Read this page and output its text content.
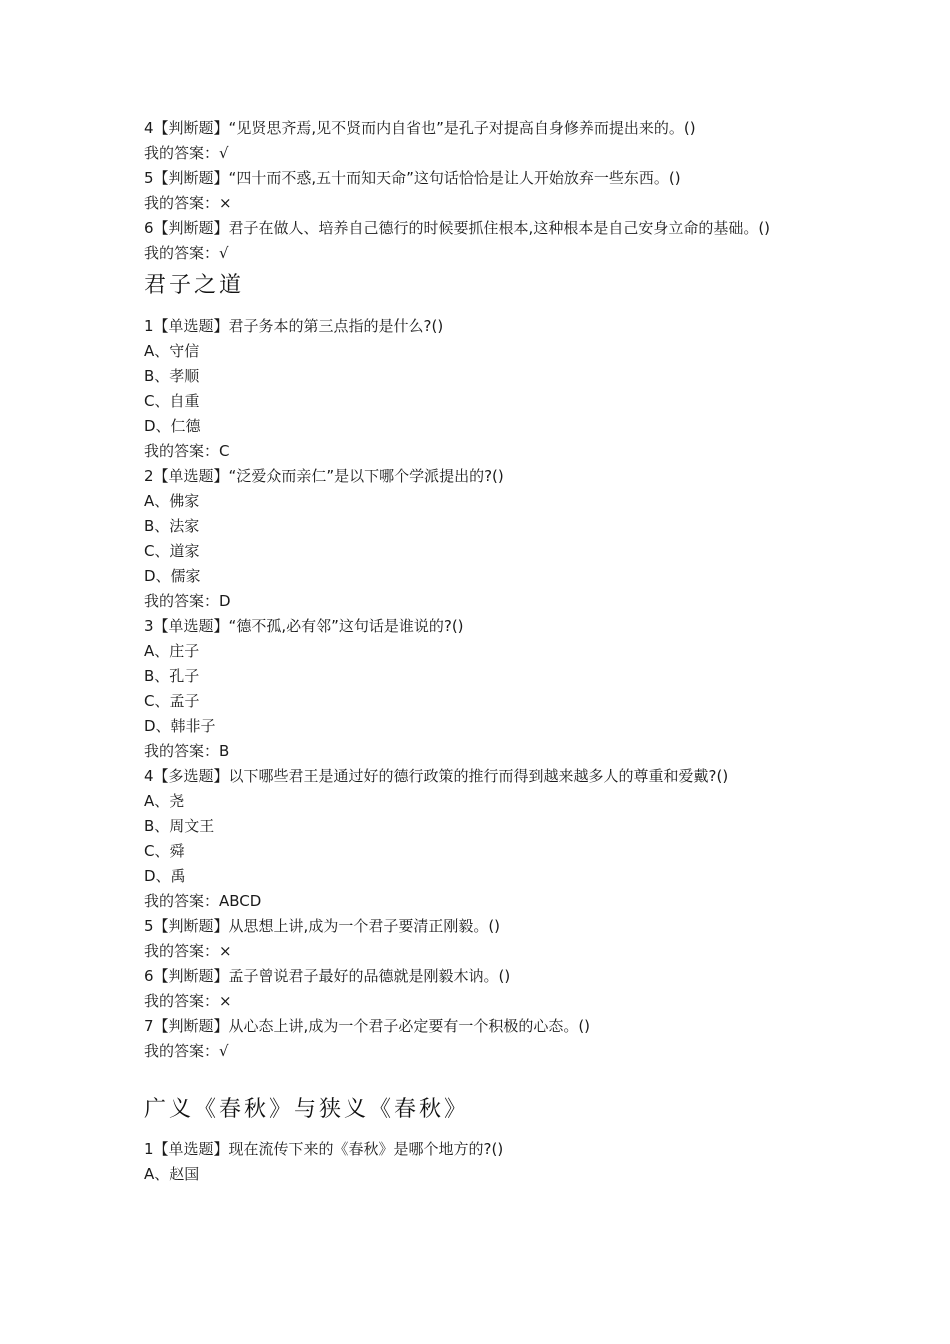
4【判断题】“见贤思齐焉,见不贤而内自省也”是孔子对提高自身修养而提出来的。()
我的答案：√
5【判断题】“四十而不惑,五十而知天命”这句话恰恰是让人开始放弃一些东西。()
我的答案：×
6【判断题】君子在做人、培养自己德行的时候要抓住根本,这种根本是自己安身立命的基础。()
我的答案：√
君子之道
1【单选题】君子务本的第三点指的是什么?()
A、守信
B、孝顺
C、自重
D、仁德
我的答案：C
2【单选题】“泛爱众而亲仁”是以下哪个学派提出的?()
A、佛家
B、法家
C、道家
D、儒家
我的答案：D
3【单选题】“德不孤,必有邻”这句话是谁说的?()
A、庄子
B、孔子
C、孟子
D、韩非子
我的答案：B
4【多选题】以下哪些君王是通过好的德行政策的推行而得到越来越多人的尊重和爱戴?()
A、尧
B、周文王
C、舜
D、禹
我的答案：ABCD
5【判断题】从思想上讲,成为一个君子要清正刚毅。()
我的答案：×
6【判断题】孟子曾说君子最好的品德就是刚毅木讷。()
我的答案：×
7【判断题】从心态上讲,成为一个君子必定要有一个积极的心态。()
我的答案：√
广义《春秋》与狭义《春秋》
1【单选题】现在流传下来的《春秋》是哪个地方的?()
A、赵国
